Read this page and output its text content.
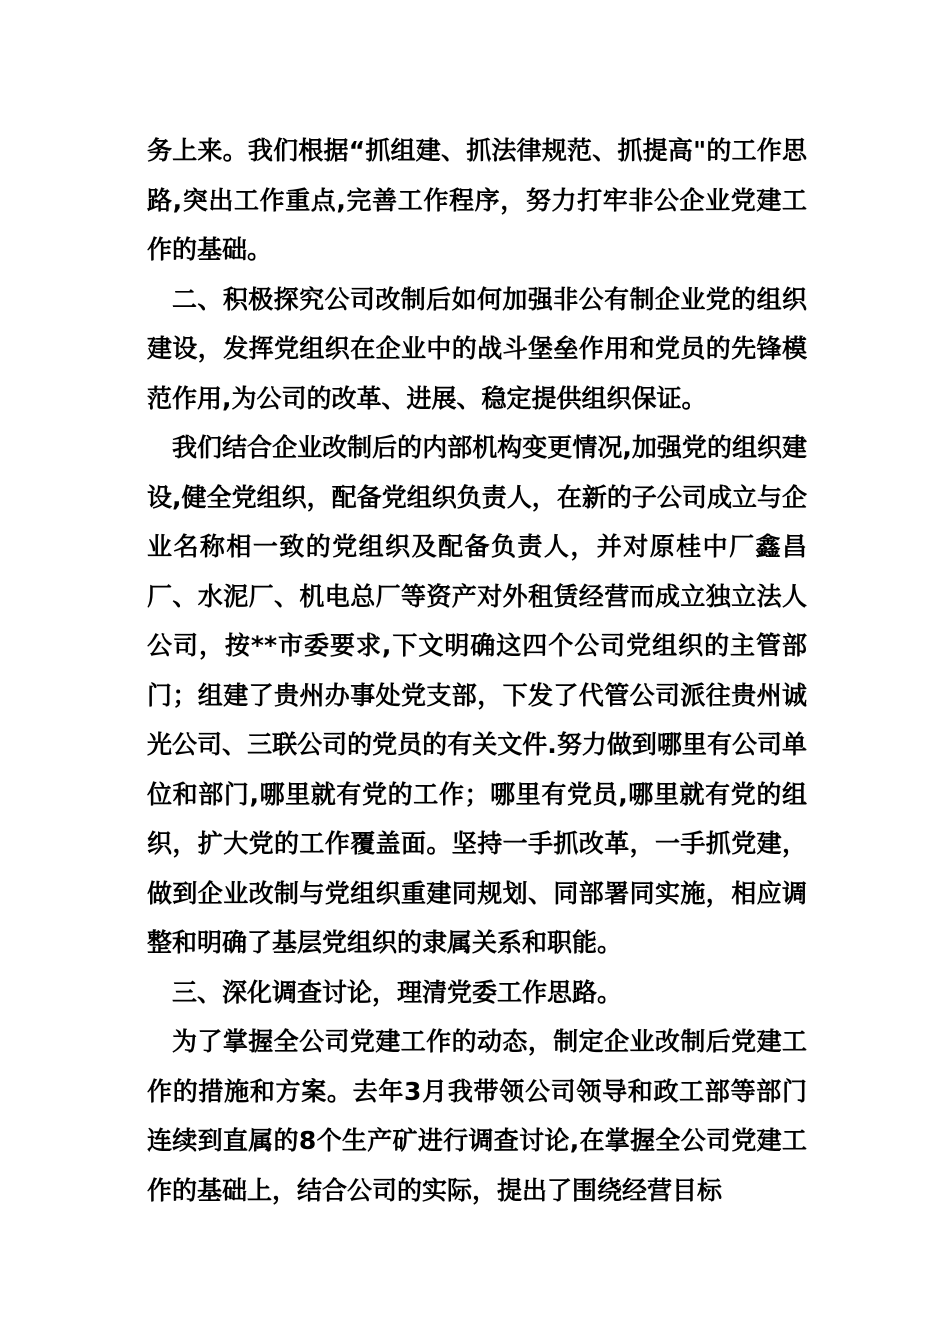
务上来。我们根据“抓组建、抓法律规范、抓提高"的工作思路,突出工作重点,完善工作程序，努力打牢非公企业党建工作的基础。

二、积极探究公司改制后如何加强非公有制企业党的组织建设，发挥党组织在企业中的战斗堡垒作用和党员的先锋模范作用,为公司的改革、进展、稳定提供组织保证。

我们结合企业改制后的内部机构变更情况,加强党的组织建设,健全党组织，配备党组织负责人，在新的子公司成立与企业名称相一致的党组织及配备负责人，并对原桂中厂鑫昌厂、水泥厂、机电总厂等资产对外租赁经营而成立独立法人公司，按**市委要求,下文明确这四个公司党组织的主管部门；组建了贵州办事处党支部，下发了代管公司派往贵州诚光公司、三联公司的党员的有关文件.努力做到哪里有公司单位和部门,哪里就有党的工作；哪里有党员,哪里就有党的组织，扩大党的工作覆盖面。坚持一手抓改革，一手抓党建，做到企业改制与党组织重建同规划、同部署同实施，相应调整和明确了基层党组织的隶属关系和职能。

三、深化调查讨论，理清党委工作思路。

为了掌握全公司党建工作的动态，制定企业改制后党建工作的措施和方案。去年3月我带领公司领导和政工部等部门连续到直属的8个生产矿进行调查讨论,在掌握全公司党建工作的基础上，结合公司的实际，提出了围绕经营目标
